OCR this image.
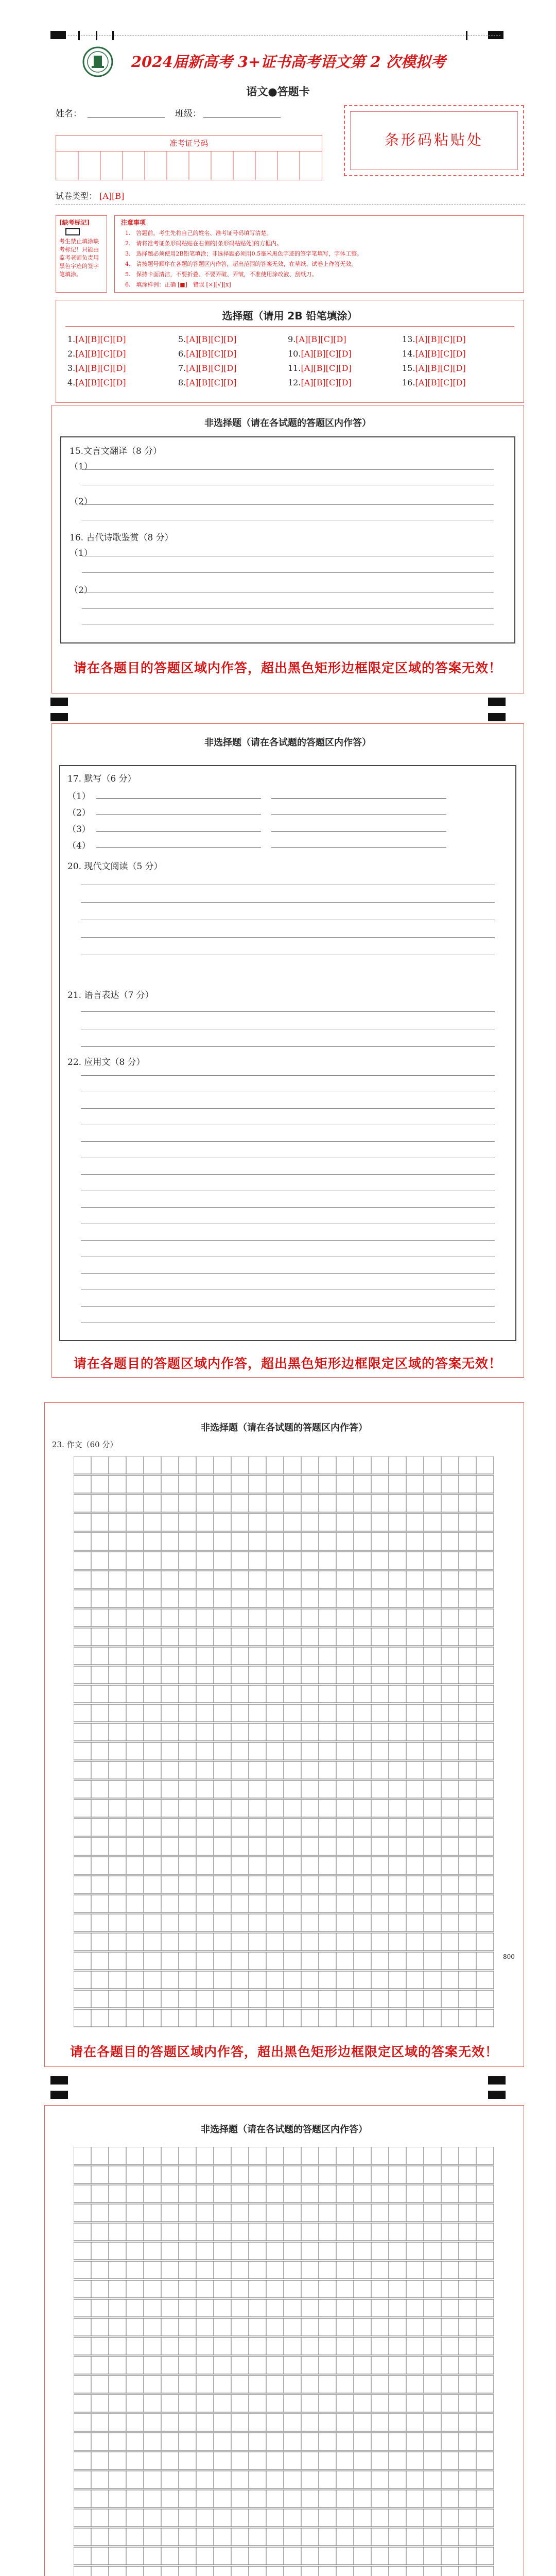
2024届新高考 3+证书高考语文第 2 次模拟考
语文●答题卡
姓名：	班级：
条形码粘贴处
准考证号码
试卷类型： [A][B]
[缺考标记]
考生禁止填涂缺考标记！只能由监考老师负责用黑色字迹的签字笔填涂。
注意事项
1.　答题前，考生先将自己的姓名、准考证号码填写清楚。
2.　请将准考证条形码粘贴在右侧的[条形码粘贴处]的方框内。
3.　选择题必须使用2B铅笔填涂；非选择题必须用0.5毫米黑色字迹的签字笔填写，字体工整。
4.　请按题号顺序在各题的答题区内作答，超出范围的答案无效，在草纸、试卷上作答无效。
5.　保持卡面清洁，不要折叠、不要弄破、弄皱，不准使用涂改液、刮纸刀。
6.　填涂样例：正确 [■]　错误 [×][√][ⅹ]
选择题（请用 2B 铅笔填涂）
1.[A][B][C][D]
2.[A][B][C][D]
3.[A][B][C][D]
4.[A][B][C][D]
5.[A][B][C][D]
6.[A][B][C][D]
7.[A][B][C][D]
8.[A][B][C][D]
9.[A][B][C][D]
10.[A][B][C][D]
11.[A][B][C][D]
12.[A][B][C][D]
13.[A][B][C][D]
14.[A][B][C][D]
15.[A][B][C][D]
16.[A][B][C][D]
非选择题（请在各试题的答题区内作答）
15.文言文翻译（8 分）
（1）
（2）
16. 古代诗歌鉴赏（8 分）
（1）
（2）
请在各题目的答题区域内作答，超出黑色矩形边框限定区域的答案无效！
非选择题（请在各试题的答题区内作答）
17. 默写（6 分）
（1）
（2）
（3）
（4）
20. 现代文阅读（5 分）
21. 语言表达（7 分）
22. 应用文（8 分）
请在各题目的答题区域内作答，超出黑色矩形边框限定区域的答案无效！
非选择题（请在各试题的答题区内作答）
23. 作文（60 分）
800
请在各题目的答题区域内作答，超出黑色矩形边框限定区域的答案无效！
非选择题（请在各试题的答题区内作答）
